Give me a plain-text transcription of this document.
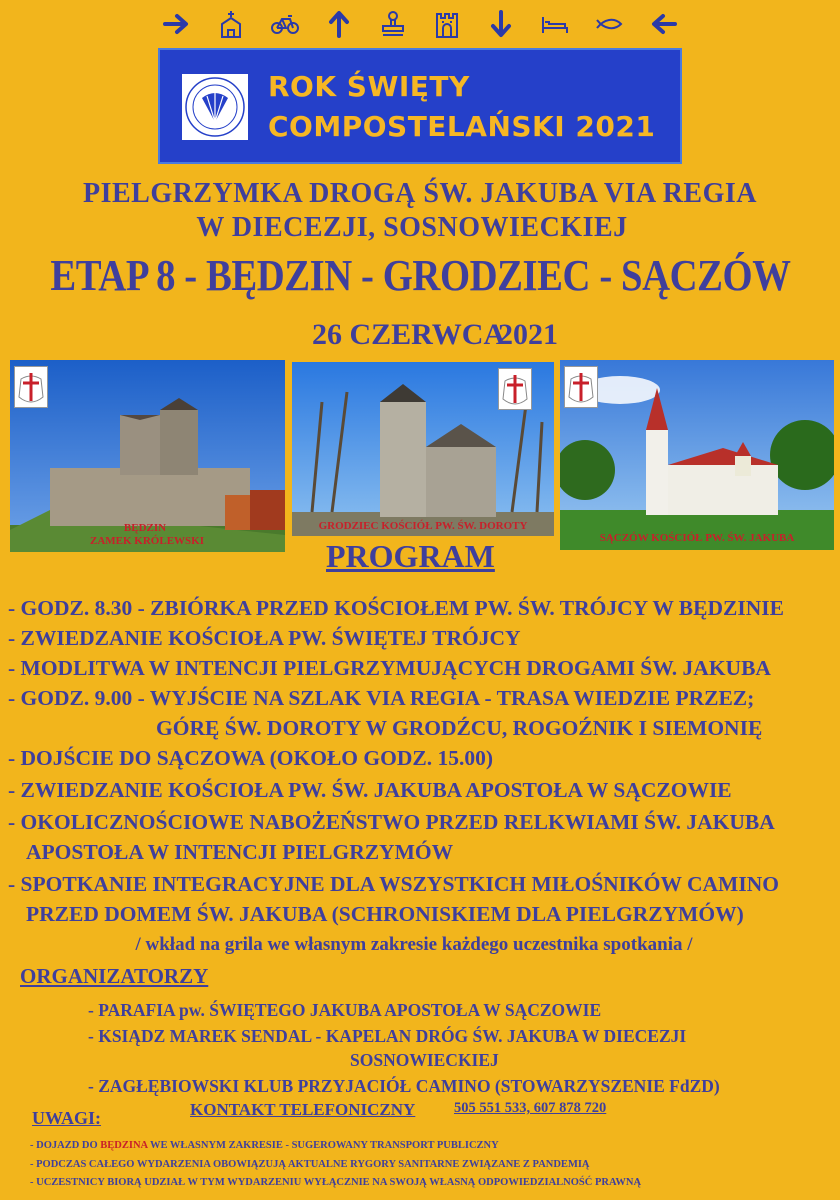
ROK ŚWIĘTY
COMPOSTELAŃSKI 2021
PIELGRZYMKA DROGĄ ŚW. JAKUBA VIA REGIA
W DIECEZJI, SOSNOWIECKIEJ
ETAP 8 - BĘDZIN - GRODZIEC - SĄCZÓW
26 CZERWCA
2021
BĘDZIN
ZAMEK KRÓLEWSKI
GRODZIEC KOŚCIÓŁ PW. ŚW. DOROTY
SĄCZÓW KOŚCIÓŁ PW. ŚW. JAKUBA
PROGRAM
- GODZ. 8.30 - ZBIÓRKA PRZED KOŚCIOŁEM PW. ŚW. TRÓJCY W BĘDZINIE
- ZWIEDZANIE KOŚCIOŁA PW. ŚWIĘTEJ TRÓJCY
- MODLITWA W INTENCJI PIELGRZYMUJĄCYCH DROGAMI ŚW. JAKUBA
- GODZ. 9.00 - WYJŚCIE NA SZLAK VIA REGIA - TRASA WIEDZIE PRZEZ;
GÓRĘ ŚW. DOROTY W GRODŹCU, ROGOŹNIK I SIEMONIĘ
- DOJŚCIE DO SĄCZOWA (OKOŁO GODZ. 15.00)
- ZWIEDZANIE KOŚCIOŁA PW. ŚW. JAKUBA APOSTOŁA W SĄCZOWIE
- OKOLICZNOŚCIOWE NABOŻEŃSTWO PRZED RELKWIAMI ŚW. JAKUBA
APOSTOŁA W INTENCJI PIELGRZYMÓW
- SPOTKANIE INTEGRACYJNE DLA WSZYSTKICH MIŁOŚNIKÓW CAMINO
PRZED DOMEM ŚW. JAKUBA (SCHRONISKIEM DLA PIELGRZYMÓW)
/ wkład na grila we własnym zakresie każdego uczestnika spotkania /
ORGANIZATORZY
- PARAFIA pw. ŚWIĘTEGO JAKUBA APOSTOŁA W SĄCZOWIE
- KSIĄDZ MAREK SENDAL - KAPELAN DRÓG ŚW. JAKUBA W DIECEZJI
SOSNOWIECKIEJ
- ZAGŁĘBIOWSKI KLUB PRZYJACIÓŁ CAMINO (STOWARZYSZENIE FdZD)
KONTAKT TELEFONICZNY	505 551 533, 607 878 720
UWAGI:
- DOJAZD DO BĘDZINA WE WŁASNYM ZAKRESIE - SUGEROWANY TRANSPORT PUBLICZNY
- PODCZAS CAŁEGO WYDARZENIA OBOWIĄZUJĄ AKTUALNE RYGORY SANITARNE ZWIĄZANE Z PANDEMIĄ
- UCZESTNICY BIORĄ UDZIAŁ W TYM WYDARZENIU WYŁĄCZNIE NA SWOJĄ WŁASNĄ ODPOWIEDZIALNOŚĆ PRAWNĄ
